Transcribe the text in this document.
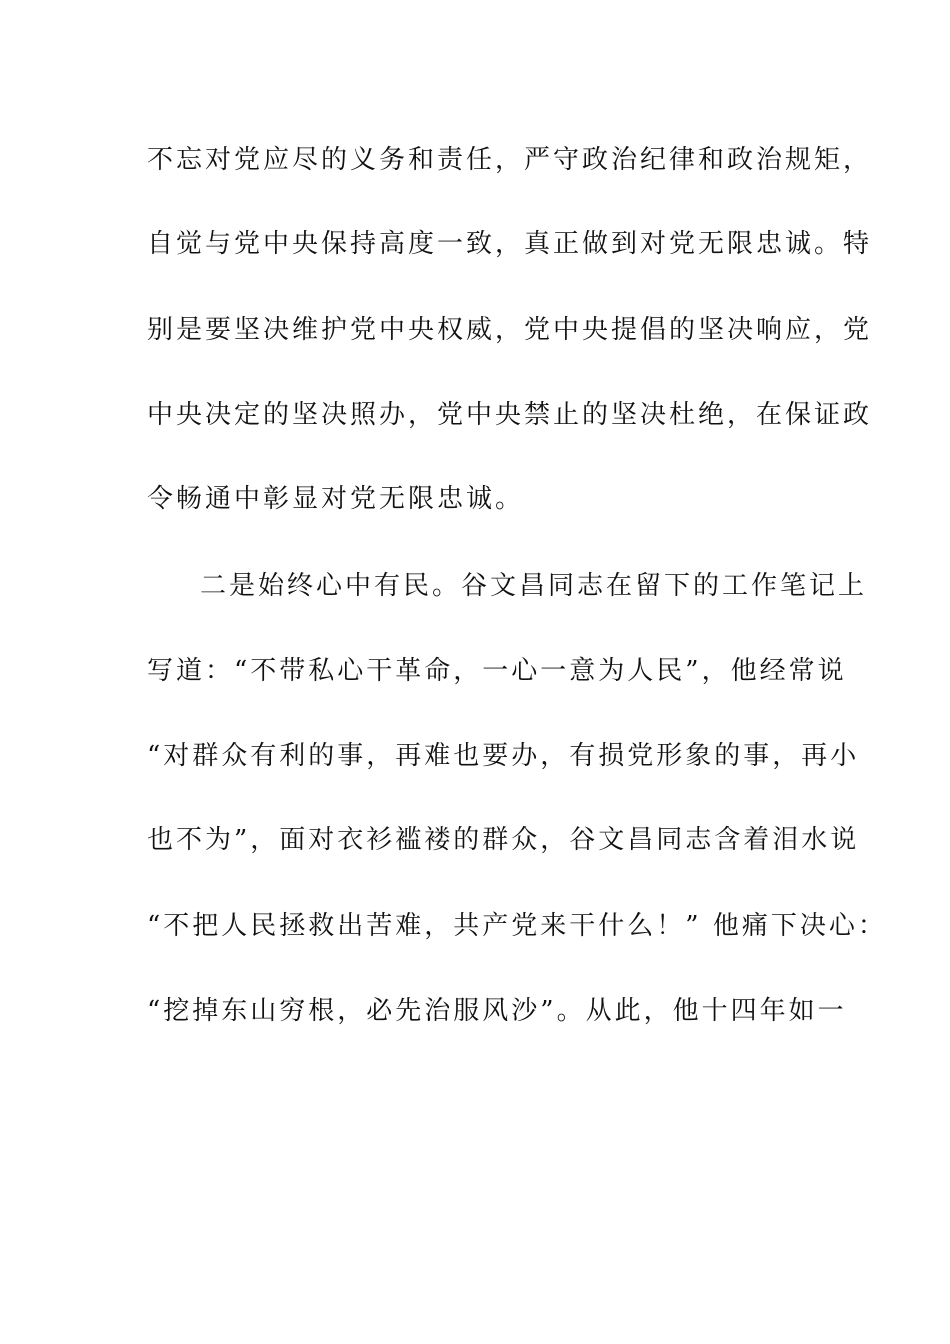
不忘对党应尽的义务和责任，严守政治纪律和政治规矩，
自觉与党中央保持高度一致，真正做到对党无限忠诚。特
别是要坚决维护党中央权威，党中央提倡的坚决响应，党
中央决定的坚决照办，党中央禁止的坚决杜绝，在保证政
令畅通中彰显对党无限忠诚。
二是始终心中有民。谷文昌同志在留下的工作笔记上
写道：“不带私心干革命，一心一意为人民”，他经常说
“对群众有利的事，再难也要办，有损党形象的事，再小
也不为”，面对衣衫褴褛的群众，谷文昌同志含着泪水说
“不把人民拯救出苦难，共产党来干什么！” 他痛下决心：
“挖掉东山穷根，必先治服风沙”。从此，他十四年如一
